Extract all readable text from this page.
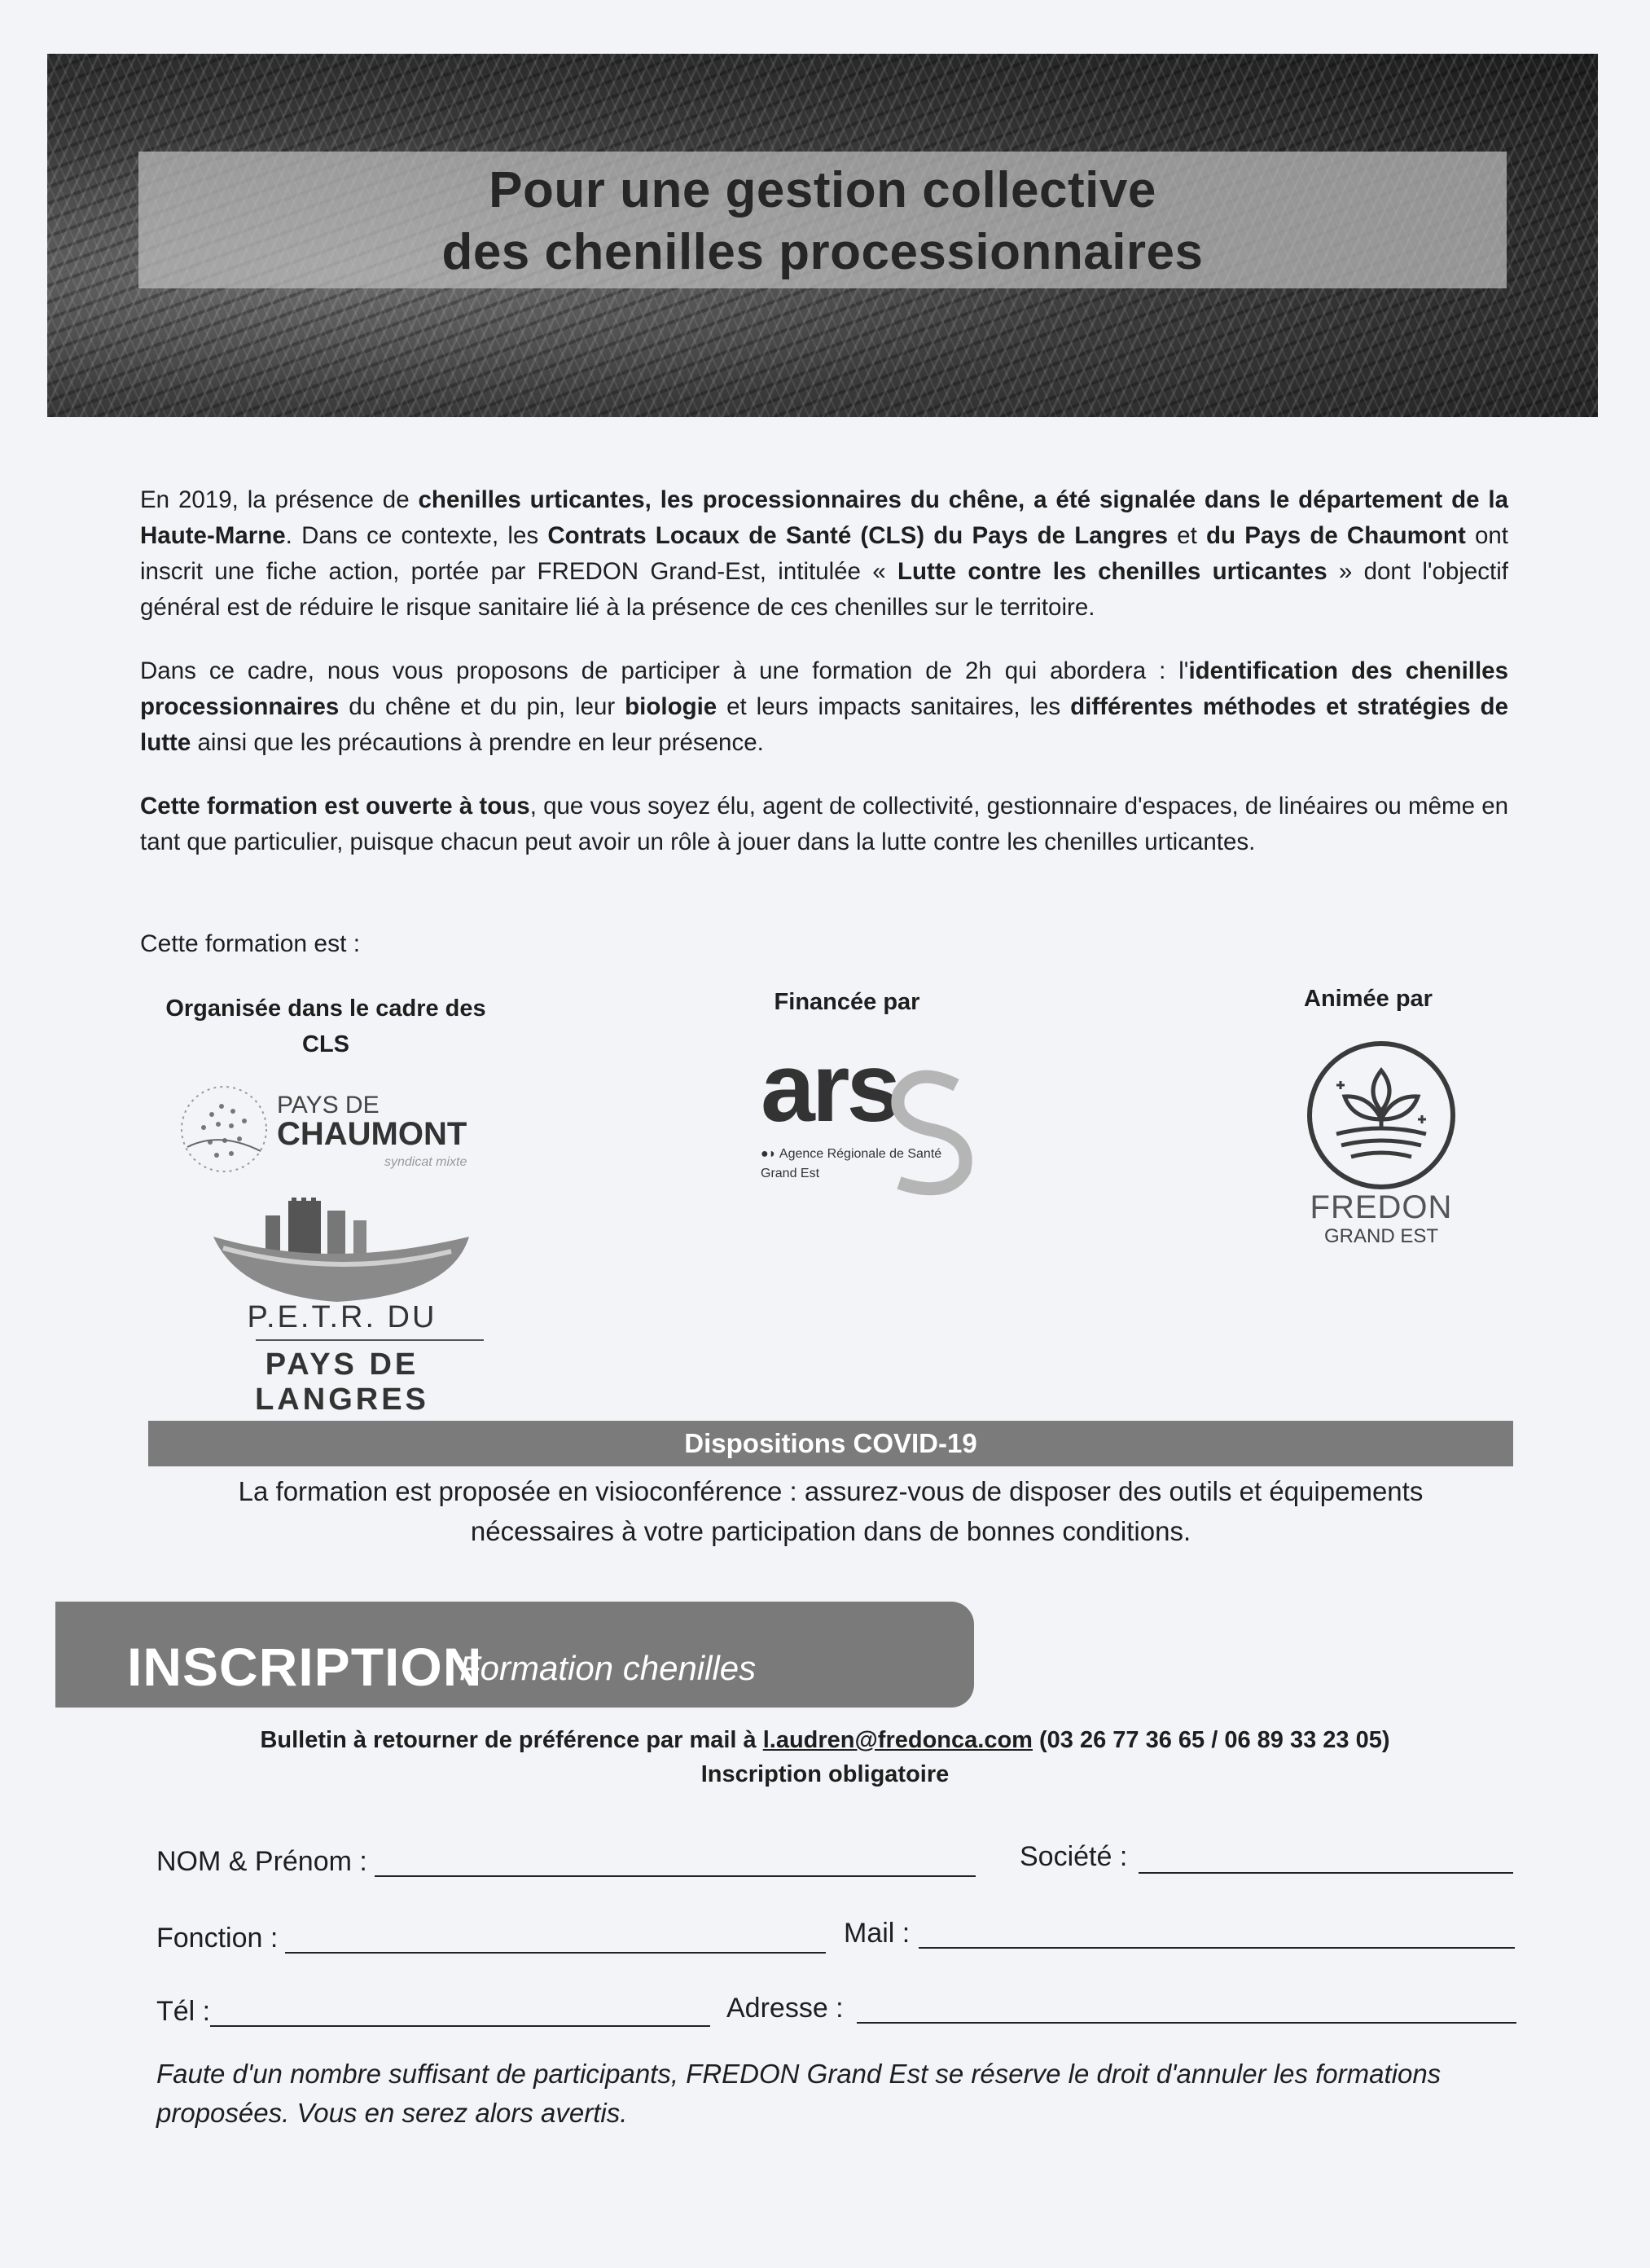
Pour une gestion collective
des chenilles processionnaires
En 2019, la présence de chenilles urticantes, les processionnaires du chêne, a été signalée dans le département de la Haute-Marne. Dans ce contexte, les Contrats Locaux de Santé (CLS) du Pays de Langres et du Pays de Chaumont ont inscrit une fiche action, portée par FREDON Grand-Est, intitulée « Lutte contre les chenilles urticantes » dont l'objectif général est de réduire le risque sanitaire lié à la présence de ces chenilles sur le territoire.
Dans ce cadre, nous vous proposons de participer à une formation de 2h qui abordera : l'identification des chenilles processionnaires du chêne et du pin, leur biologie et leurs impacts sanitaires, les différentes méthodes et stratégies de lutte ainsi que les précautions à prendre en leur présence.
Cette formation est ouverte à tous, que vous soyez élu, agent de collectivité, gestionnaire d'espaces, de linéaires ou même en tant que particulier, puisque chacun peut avoir un rôle à jouer dans la lutte contre les chenilles urticantes.
Cette formation est :
Organisée dans le cadre des
CLS
Financée par	Animée par
PAYS DE
CHAUMONT
syndicat mixte
P.E.T.R. DU
PAYS DE LANGRES
ars
●◗ Agence Régionale de Santé
Grand Est
FREDON
GRAND EST
Dispositions COVID-19
La formation est proposée en visioconférence : assurez-vous de disposer des outils et équipements
nécessaires à votre participation dans de bonnes conditions.
INSCRIPTION
Formation chenilles
Bulletin à retourner de préférence par mail à l.audren@fredonca.com (03 26 77 36 65 / 06 89 33 23 05)
Inscription obligatoire
NOM & Prénom :	Société :
Fonction :	Mail :
Tél :	Adresse :
Faute d'un nombre suffisant de participants, FREDON Grand Est se réserve le droit d'annuler les formations proposées. Vous en serez alors avertis.
